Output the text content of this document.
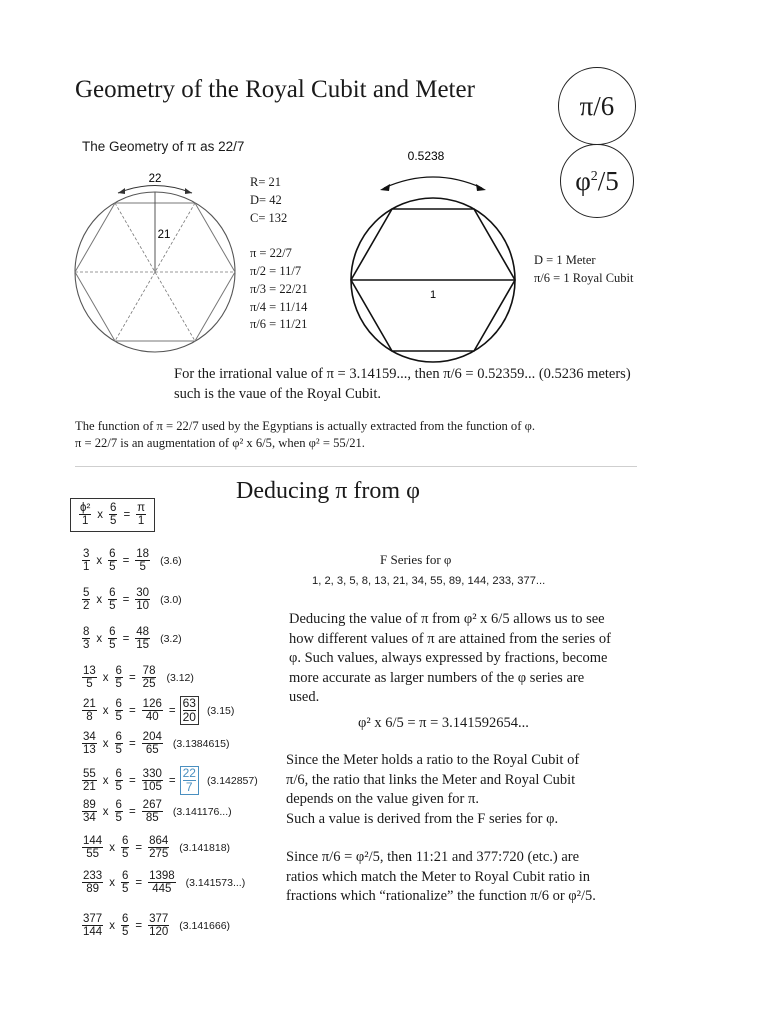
Geometry of the Royal Cubit and Meter
π/6
$\varphi^2/5$
The Geometry of π as 22/7
22
21
R= 21
D= 42
C= 132
π = 22/7
π/2 = 11/7
π/3 = 22/21
π/4 = 11/14
π/6 = 11/21
0.5238
1
D = 1 Meter
π/6 = 1 Royal Cubit
For the irrational value of π = 3.14159..., then π/6 = 0.52359... (0.5236 meters)
such is the vaue of the Royal Cubit.
The function of π = 22/7 used by the Egyptians is actually extracted from the function of φ.
π = 22/7 is an augmentation of φ² x 6/5, when φ² = 55/21.
Deducing π from φ
$\frac{\text{ϕ²}}{1}$ x $\frac{6}{5} = \frac{\pi}{1}$
$\frac{3}{1}$ x $\frac{6}{5} = \frac{18}{5} (3.6)$
$\frac{5}{2}$ x $\frac{6}{5} = \frac{30}{10} (3.0)$
$\frac{8}{3}$ x $\frac{6}{5} = \frac{48}{15} (3.2)$
$\frac{13}{5}$ x $\frac{6}{5} = \frac{78}{25} (3.12)$
$\frac{21}{8}$ x $\frac{6}{5} = \frac{126}{40} = \frac{63}{20} (3.15)$
$\frac{34}{13}$ x $\frac{6}{5} = \frac{204}{65} (3.1384615)$
$\frac{55}{21}$ x $\frac{6}{5} = \frac{330}{105} = \frac{22}{7} (3.142857)$
$\frac{89}{34}$ x $\frac{6}{5} = \frac{267}{85} (3.141176...)$
$\frac{144}{55}$ x $\frac{6}{5} = \frac{864}{275} (3.141818)$
$\frac{233}{89}$ x $\frac{6}{5} = \frac{1398}{445} (3.141573...)$
$\frac{377}{144}$ x $\frac{6}{5} = \frac{377}{120} (3.141666)$
F Series for φ
1, 2, 3, 5, 8, 13, 21, 34, 55, 89, 144, 233, 377...
Deducing the value of π from φ² x 6/5 allows us to see
how different values of π are attained from the series of
φ. Such values, always expressed by fractions, become
more accurate as larger numbers of the φ series are
used.
φ² x 6/5 = π = 3.141592654...
Since the Meter holds a ratio to the Royal Cubit of
π/6, the ratio that links the Meter and Royal Cubit
depends on the value given for π.
Such a value is derived from the F series for φ.
Since π/6 = φ²/5, then 11:21 and 377:720 (etc.) are
ratios which match the Meter to Royal Cubit ratio in
fractions which “rationalize” the function π/6 or φ²/5.
